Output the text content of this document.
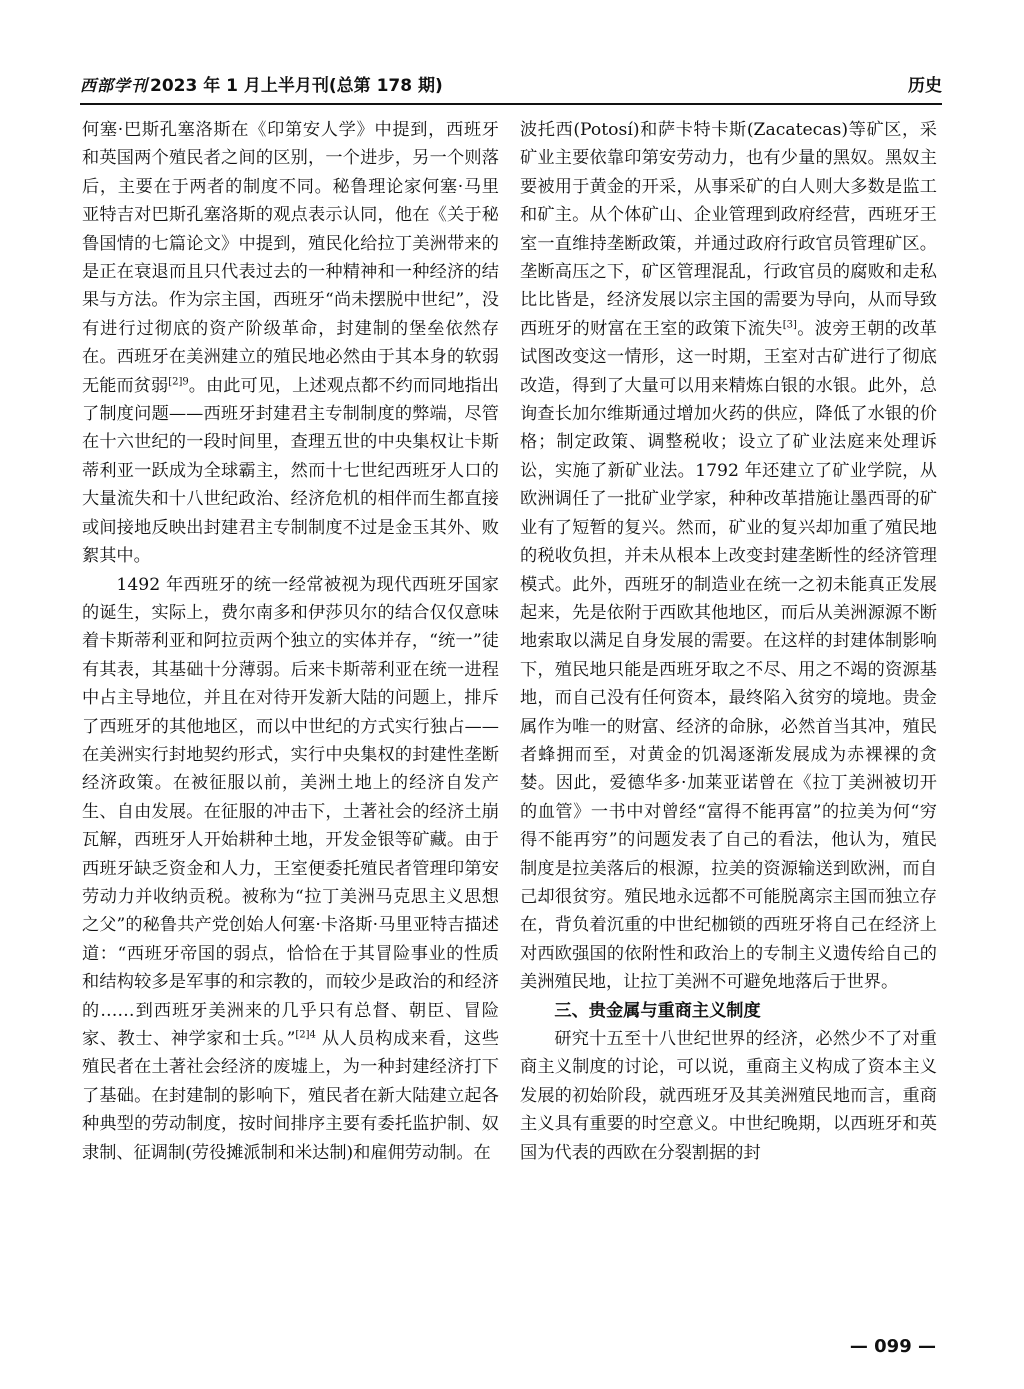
西部学刊 2023 年 1 月上半月刊(总第 178 期)	历史

何塞·巴斯孔塞洛斯在《印第安人学》中提到，西班牙和英国两个殖民者之间的区别，一个进步，另一个则落后，主要在于两者的制度不同。秘鲁理论家何塞·马里亚特吉对巴斯孔塞洛斯的观点表示认同，他在《关于秘鲁国情的七篇论文》中提到，殖民化给拉丁美洲带来的是正在衰退而且只代表过去的一种精神和一种经济的结果与方法。作为宗主国，西班牙“尚未摆脱中世纪”，没有进行过彻底的资产阶级革命，封建制的堡垒依然存在。西班牙在美洲建立的殖民地必然由于其本身的软弱无能而贫弱$^{[2]9}$。由此可见，上述观点都不约而同地指出了制度问题——西班牙封建君主专制制度的弊端，尽管在十六世纪的一段时间里，查理五世的中央集权让卡斯蒂利亚一跃成为全球霸主，然而十七世纪西班牙人口的大量流失和十八世纪政治、经济危机的相伴而生都直接或间接地反映出封建君主专制制度不过是金玉其外、败絮其中。

1492 年西班牙的统一经常被视为现代西班牙国家的诞生，实际上，费尔南多和伊莎贝尔的结合仅仅意味着卡斯蒂利亚和阿拉贡两个独立的实体并存，“统一”徒有其表，其基础十分薄弱。后来卡斯蒂利亚在统一进程中占主导地位，并且在对待开发新大陆的问题上，排斥了西班牙的其他地区，而以中世纪的方式实行独占——在美洲实行封地契约形式，实行中央集权的封建性垄断经济政策。在被征服以前，美洲土地上的经济自发产生、自由发展。在征服的冲击下，土著社会的经济土崩瓦解，西班牙人开始耕种土地，开发金银等矿藏。由于西班牙缺乏资金和人力，王室便委托殖民者管理印第安劳动力并收纳贡税。被称为“拉丁美洲马克思主义思想之父”的秘鲁共产党创始人何塞·卡洛斯·马里亚特吉描述道：“西班牙帝国的弱点，恰恰在于其冒险事业的性质和结构较多是军事的和宗教的，而较少是政治的和经济的……到西班牙美洲来的几乎只有总督、朝臣、冒险家、教士、神学家和士兵。”$^{[2]4}$ 从人员构成来看，这些殖民者在土著社会经济的废墟上，为一种封建经济打下了基础。在封建制的影响下，殖民者在新大陆建立起各种典型的劳动制度，按时间排序主要有委托监护制、奴隶制、征调制(劳役摊派制和米达制)和雇佣劳动制。在

波托西(Potosí)和萨卡特卡斯(Zacatecas)等矿区，采矿业主要依靠印第安劳动力，也有少量的黑奴。黑奴主要被用于黄金的开采，从事采矿的白人则大多数是监工和矿主。从个体矿山、企业管理到政府经营，西班牙王室一直维持垄断政策，并通过政府行政官员管理矿区。垄断高压之下，矿区管理混乱，行政官员的腐败和走私比比皆是，经济发展以宗主国的需要为导向，从而导致西班牙的财富在王室的政策下流失[3]。波旁王朝的改革试图改变这一情形，这一时期，王室对古矿进行了彻底改造，得到了大量可以用来精炼白银的水银。此外，总询查长加尔维斯通过增加火药的供应，降低了水银的价格；制定政策、调整税收；设立了矿业法庭来处理诉讼，实施了新矿业法。1792 年还建立了矿业学院，从欧洲调任了一批矿业学家，种种改革措施让墨西哥的矿业有了短暂的复兴。然而，矿业的复兴却加重了殖民地的税收负担，并未从根本上改变封建垄断性的经济管理模式。此外，西班牙的制造业在统一之初未能真正发展起来，先是依附于西欧其他地区，而后从美洲源源不断地索取以满足自身发展的需要。在这样的封建体制影响下，殖民地只能是西班牙取之不尽、用之不竭的资源基地，而自己没有任何资本，最终陷入贫穷的境地。贵金属作为唯一的财富、经济的命脉，必然首当其冲，殖民者蜂拥而至，对黄金的饥渴逐渐发展成为赤裸裸的贪婪。因此，爱德华多·加莱亚诺曾在《拉丁美洲被切开的血管》一书中对曾经“富得不能再富”的拉美为何“穷得不能再穷”的问题发表了自己的看法，他认为，殖民制度是拉美落后的根源，拉美的资源输送到欧洲，而自己却很贫穷。殖民地永远都不可能脱离宗主国而独立存在，背负着沉重的中世纪枷锁的西班牙将自己在经济上对西欧强国的依附性和政治上的专制主义遗传给自己的美洲殖民地，让拉丁美洲不可避免地落后于世界。

三、贵金属与重商主义制度

研究十五至十八世纪世界的经济，必然少不了对重商主义制度的讨论，可以说，重商主义构成了资本主义发展的初始阶段，就西班牙及其美洲殖民地而言，重商主义具有重要的时空意义。中世纪晚期，以西班牙和英国为代表的西欧在分裂割据的封

— 099 —
